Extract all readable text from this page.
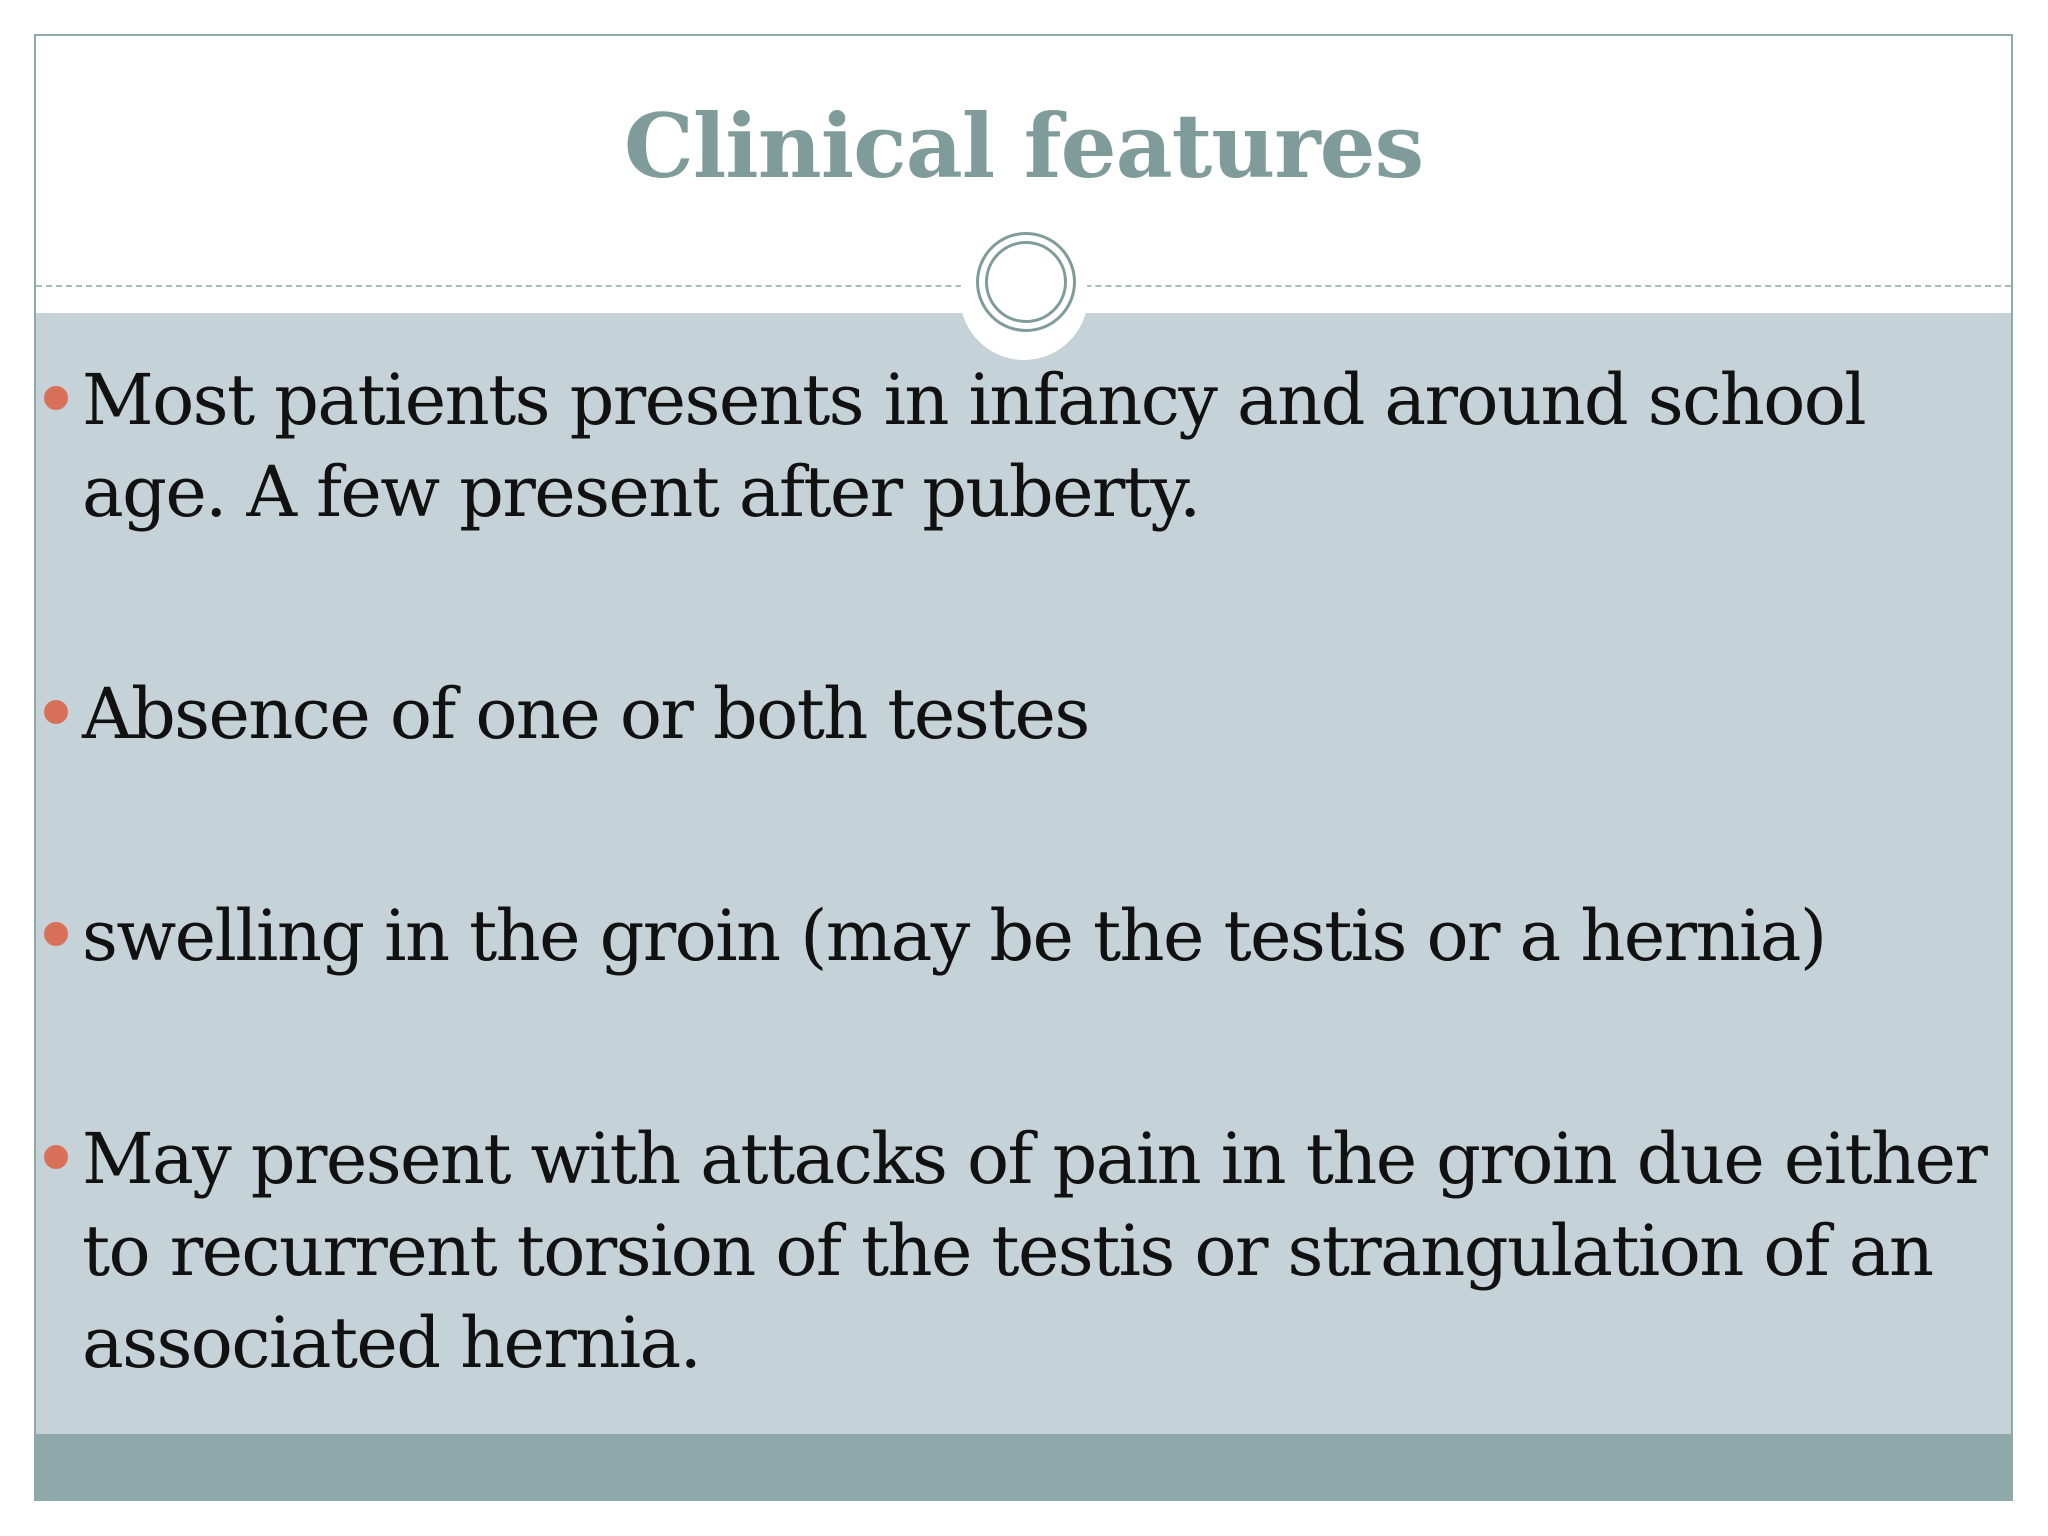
Clinical features
Most patients presents in infancy and around school age. A few present after puberty.
Absence of one or both testes
swelling in the groin (may be the testis or a hernia)
May present with attacks of pain in the groin due either to recurrent torsion of the testis or strangulation of an associated hernia.
